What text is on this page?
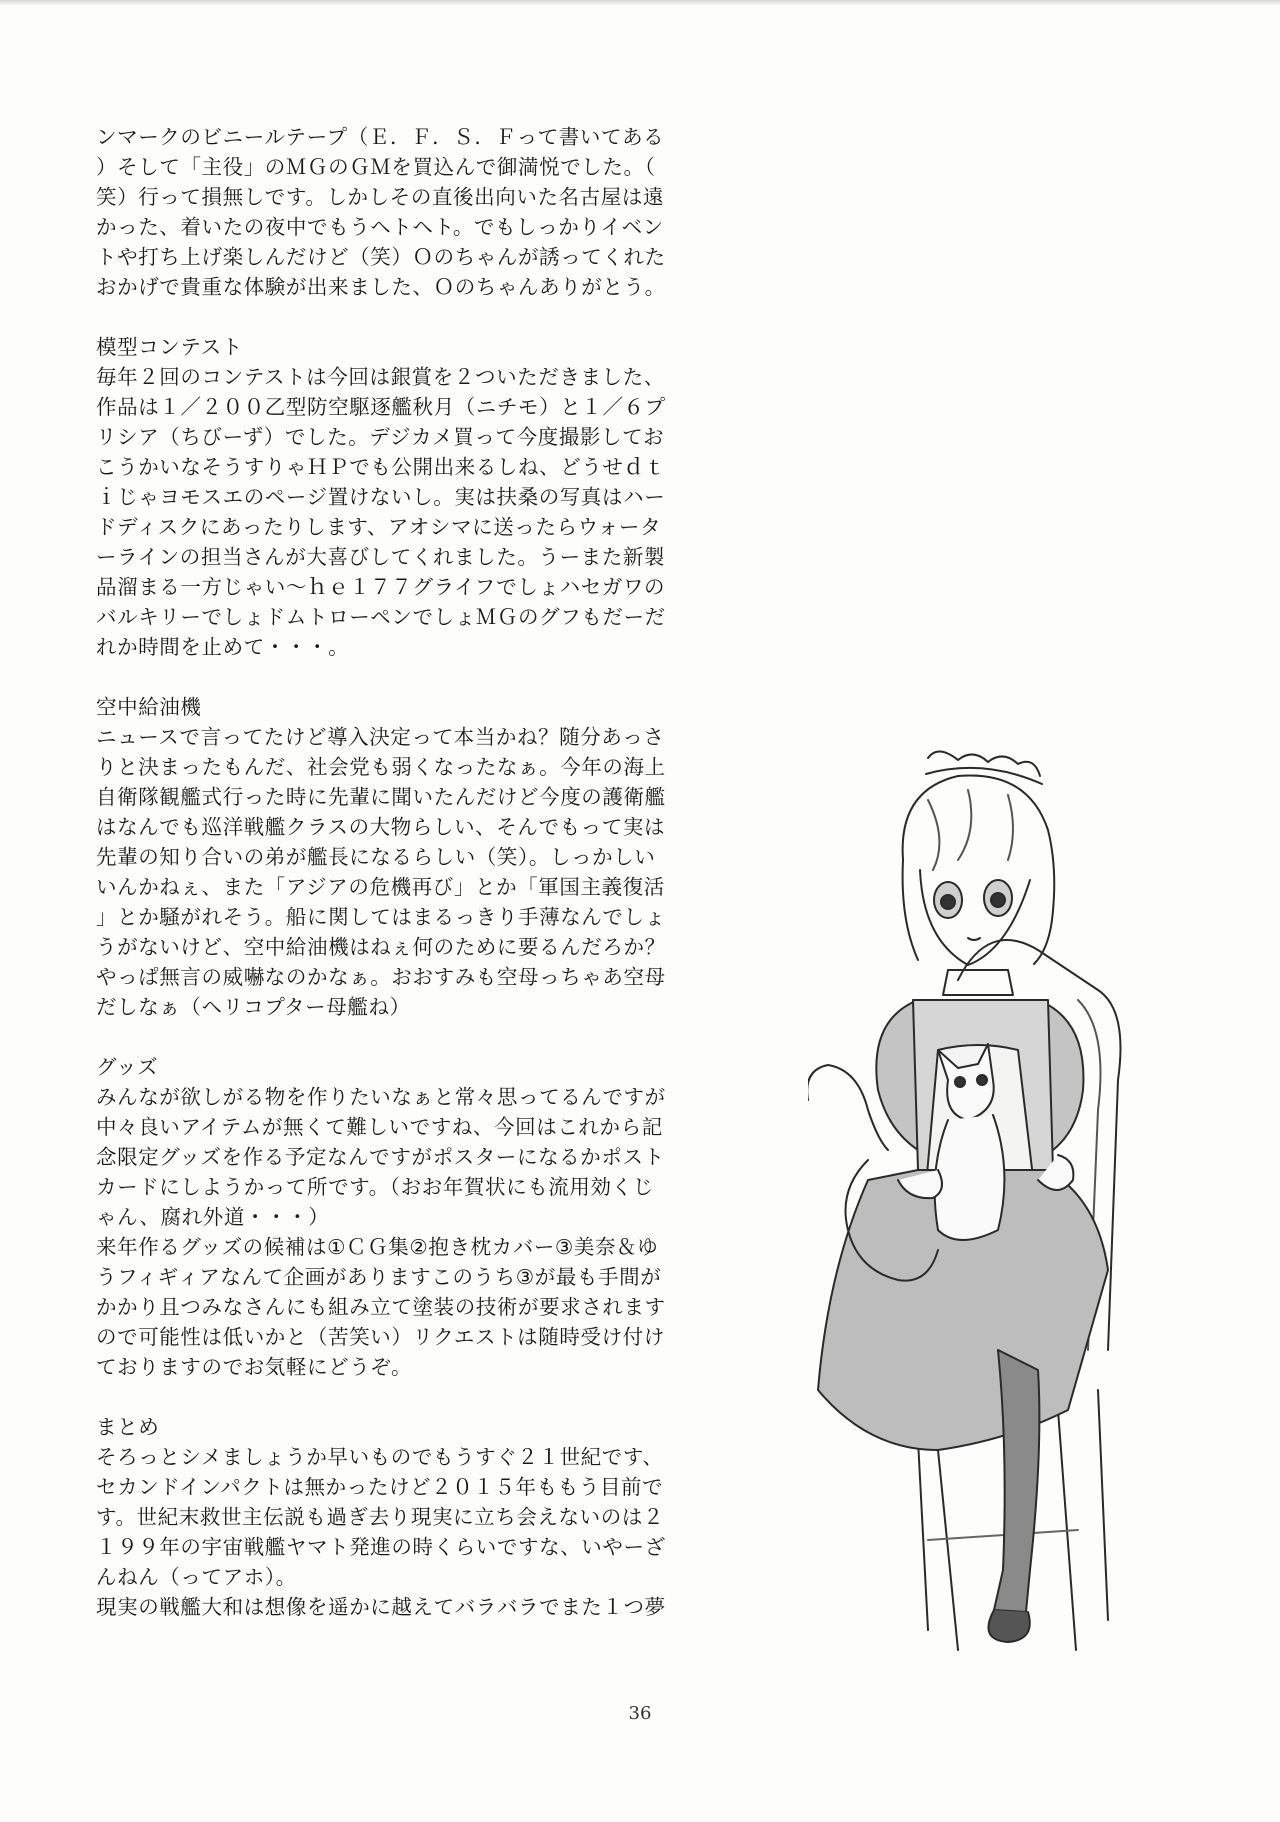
ンマークのビニールテープ（Ｅ．Ｆ．Ｓ．Ｆって書いてある
）そして「主役」のＭＧのＧＭを買込んで御満悦でした。（
笑）行って損無しです。しかしその直後出向いた名古屋は遠
かった、着いたの夜中でもうヘトヘト。でもしっかりイベン
トや打ち上げ楽しんだけど（笑）Ｏのちゃんが誘ってくれた
おかげで貴重な体験が出来ました、Ｏのちゃんありがとう。
模型コンテスト
毎年２回のコンテストは今回は銀賞を２ついただきました、
作品は１／２００乙型防空駆逐艦秋月（ニチモ）と１／６プ
リシア（ちびーず）でした。デジカメ買って今度撮影してお
こうかいなそうすりゃＨＰでも公開出来るしね、どうせｄｔ
ｉじゃヨモスエのページ置けないし。実は扶桑の写真はハー
ドディスクにあったりします、アオシマに送ったらウォータ
ーラインの担当さんが大喜びしてくれました。うーまた新製
品溜まる一方じゃい～ｈｅ１７７グライフでしょハセガワの
バルキリーでしょドムトローペンでしょＭＧのグフもだーだ
れか時間を止めて・・・。
空中給油機
ニュースで言ってたけど導入決定って本当かね？随分あっさ
りと決まったもんだ、社会党も弱くなったなぁ。今年の海上
自衛隊観艦式行った時に先輩に聞いたんだけど今度の護衛艦
はなんでも巡洋戦艦クラスの大物らしい、そんでもって実は
先輩の知り合いの弟が艦長になるらしい（笑）。しっかしい
いんかねぇ、また「アジアの危機再び」とか「軍国主義復活
」とか騒がれそう。船に関してはまるっきり手薄なんでしょ
うがないけど、空中給油機はねぇ何のために要るんだろか？
やっぱ無言の威嚇なのかなぁ。おおすみも空母っちゃあ空母
だしなぁ（ヘリコプター母艦ね）
グッズ
みんなが欲しがる物を作りたいなぁと常々思ってるんですが
中々良いアイテムが無くて難しいですね、今回はこれから記
念限定グッズを作る予定なんですがポスターになるかポスト
カードにしようかって所です。（おお年賀状にも流用効くじ
ゃん、腐れ外道・・・）
来年作るグッズの候補は①ＣＧ集②抱き枕カバー③美奈＆ゆ
うフィギィアなんて企画がありますこのうち③が最も手間が
かかり且つみなさんにも組み立て塗装の技術が要求されます
ので可能性は低いかと（苦笑い）リクエストは随時受け付け
ておりますのでお気軽にどうぞ。
まとめ
そろっとシメましょうか早いものでもうすぐ２１世紀です、
セカンドインパクトは無かったけど２０１５年ももう目前で
す。世紀末救世主伝説も過ぎ去り現実に立ち会えないのは２
１９９年の宇宙戦艦ヤマト発進の時くらいですな、いやーざ
んねん（ってアホ）。
現実の戦艦大和は想像を遥かに越えてバラバラでまた１つ夢
36
